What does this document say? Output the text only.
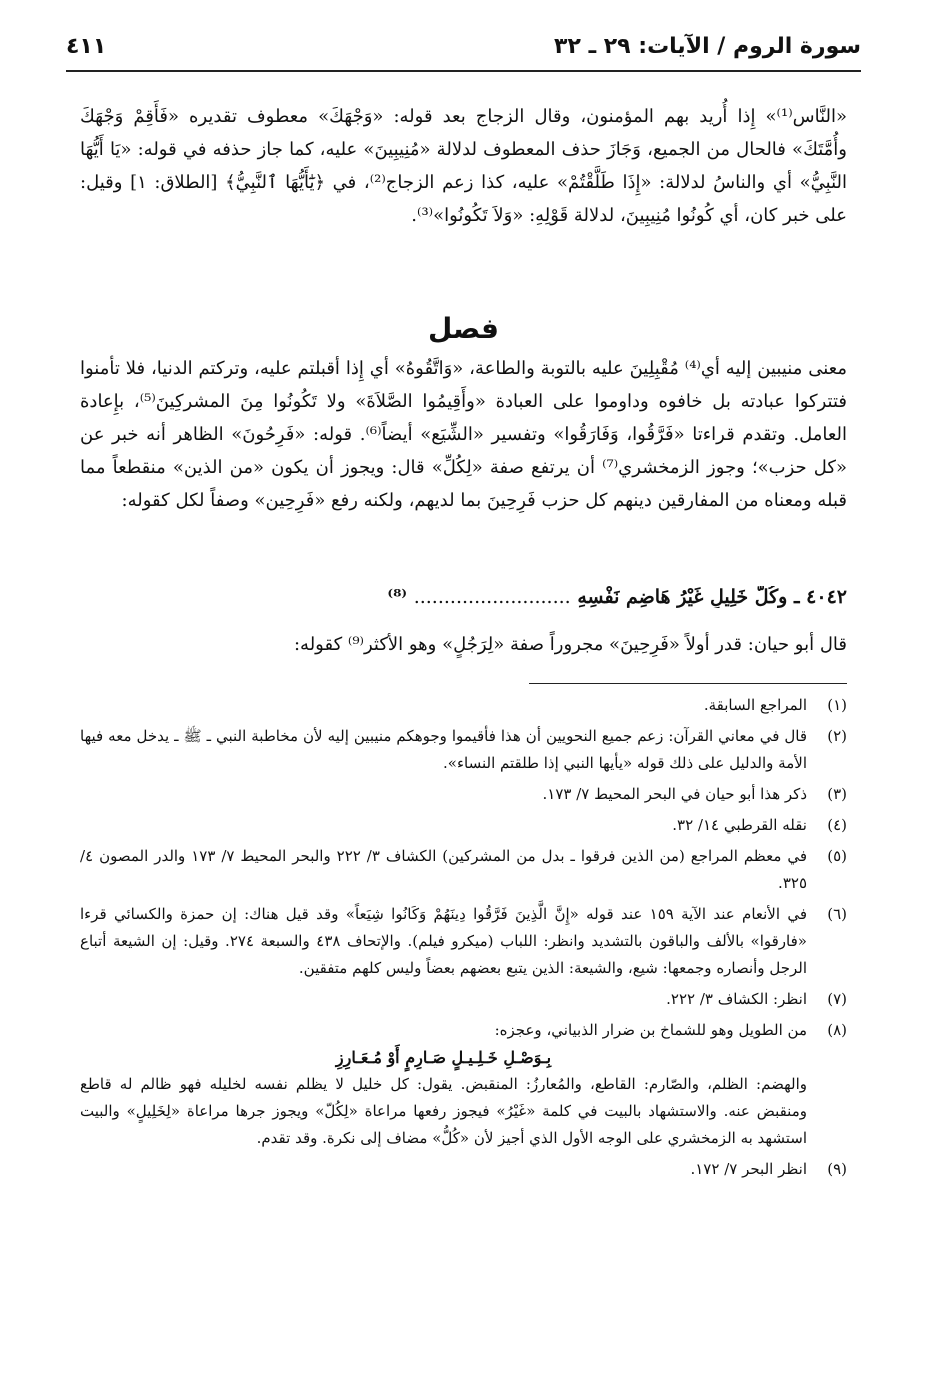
سورة الروم / الآيات: ٢٩ ـ ٣٢
٤١١

«النَّاس⁽¹⁾» إِذا أُريد بهم المؤمنون، وقال الزجاج بعد قوله: «وَجْهَكَ» معطوف تقديره «فَأَقِمْ وَجْهَكَ وأُمَّتَكَ» فالحال من الجميع، وَجَازَ حذف المعطوف لدلالة «مُنِيبِينَ» عليه، كما جاز حذفه في قوله: «يَا أَيُّهَا النَّبِيُّ» أي والناسُ لدلالة: «إِذَا طَلَّقْتُمْ» عليه، كذا زعم الزجاج⁽²⁾، في ﴿يَٰٓأَيُّهَا ٱلنَّبِيُّ﴾ [الطلاق: ١] وقيل: على خبر كان، أي كُونُوا مُنِيبِينَ، لدلالة قَوْلِهِ: «وَلاَ تَكُونُوا»⁽³⁾.

فصل

معنى منيبين إليه أي⁽⁴⁾ مُقْبِلِينَ عليه بالتوبة والطاعة، «وَاتَّقُوهُ» أي إِذا أقبلتم عليه، وتركتم الدنيا، فلا تأمنوا فتتركوا عبادته بل خافوه وداوموا على العبادة «وأَقِيمُوا الصَّلاَةَ» ولا تَكُونُوا مِنَ المشركِينَ⁽⁵⁾، بإِعادة العامل. وتقدم قراءتا «فَرَّقُوا، وَفَارَقُوا» وتفسير «الشِّيَع» أيضاً⁽⁶⁾. قوله: «فَرِحُونَ» الظاهر أنه خبر عن «كل حزب»؛ وجوز الزمخشري⁽⁷⁾ أن يرتفع صفة «لِكُلِّ» قال: ويجوز أن يكون «من الذين» منقطعاً مما قبله ومعناه من المفارقين دينهم كل حزب فَرِحِينَ بما لديهم، ولكنه رفع «فَرِحِين» وصفاً لكل كقوله:

٤٠٤٢ ـ وكُلُّ خَلِيلٍ غَيْرُ هَاضِمِ نَفْسِهِ .......................... ⁽⁸⁾

قال أبو حيان: قدر أولاً «فَرِحِينَ» مجروراً صفة «لِرَجُلٍ» وهو الأكثر⁽⁹⁾ كقوله:

(١)
المراجع السابقة.
(٢)
قال في معاني القرآن: زعم جميع النحويين أن هذا فأقيموا وجوهكم منيبين إليه لأن مخاطبة النبي ـ ﷺ ـ يدخل معه فيها الأمة والدليل على ذلك قوله «يأيها النبي إذا طلقتم النساء».
(٣)
ذكر هذا أبو حيان في البحر المحيط ٧/ ١٧٣.
(٤)
نقله القرطبي ١٤/ ٣٢.
(٥)
في معظم المراجع (من الذين فرقوا ـ بدل من المشركين) الكشاف ٣/ ٢٢٢ والبحر المحيط ٧/ ١٧٣ والدر المصون ٤/ ٣٢٥.
(٦)
في الأنعام عند الآية ١٥٩ عند قوله «إِنَّ الَّذِينَ فَرَّقُوا دِينَهُمْ وَكَانُوا شِيَعاً» وقد قيل هناك: إن حمزة والكسائي قرءا «فارقوا» بالألف والباقون بالتشديد وانظر: اللباب (ميكرو فيلم). والإتحاف ٤٣٨ والسبعة ٢٧٤. وقيل: إن الشيعة أتباع الرجل وأنصاره وجمعها: شيع، والشيعة: الذين يتبع بعضهم بعضاً وليس كلهم متفقين.
(٧)
انظر: الكشاف ٣/ ٢٢٢.
(٨)
من الطويل وهو للشماخ بن ضرار الذبياني، وعجزه:
بِـوَصْـلِ خَـلِـيـلٍ صَـارِمٍ أَوْ مُـعَـارِزِ
والهضم: الظلم، والصّارم: القاطع، والمُعارزُ: المنقبض. يقول: كل خليل لا يظلم نفسه لخليله فهو ظالم له قاطع ومنقبض عنه. والاستشهاد بالبيت في كلمة «غَيْرُ» فيجوز رفعها مراعاة «لِكُلّ» ويجوز جرها مراعاة «لِخَلِيلٍ» والبيت استشهد به الزمخشري على الوجه الأول الذي أجيز لأن «كُلُّ» مضاف إلى نكرة. وقد تقدم.
(٩)
انظر البحر ٧/ ١٧٢.
